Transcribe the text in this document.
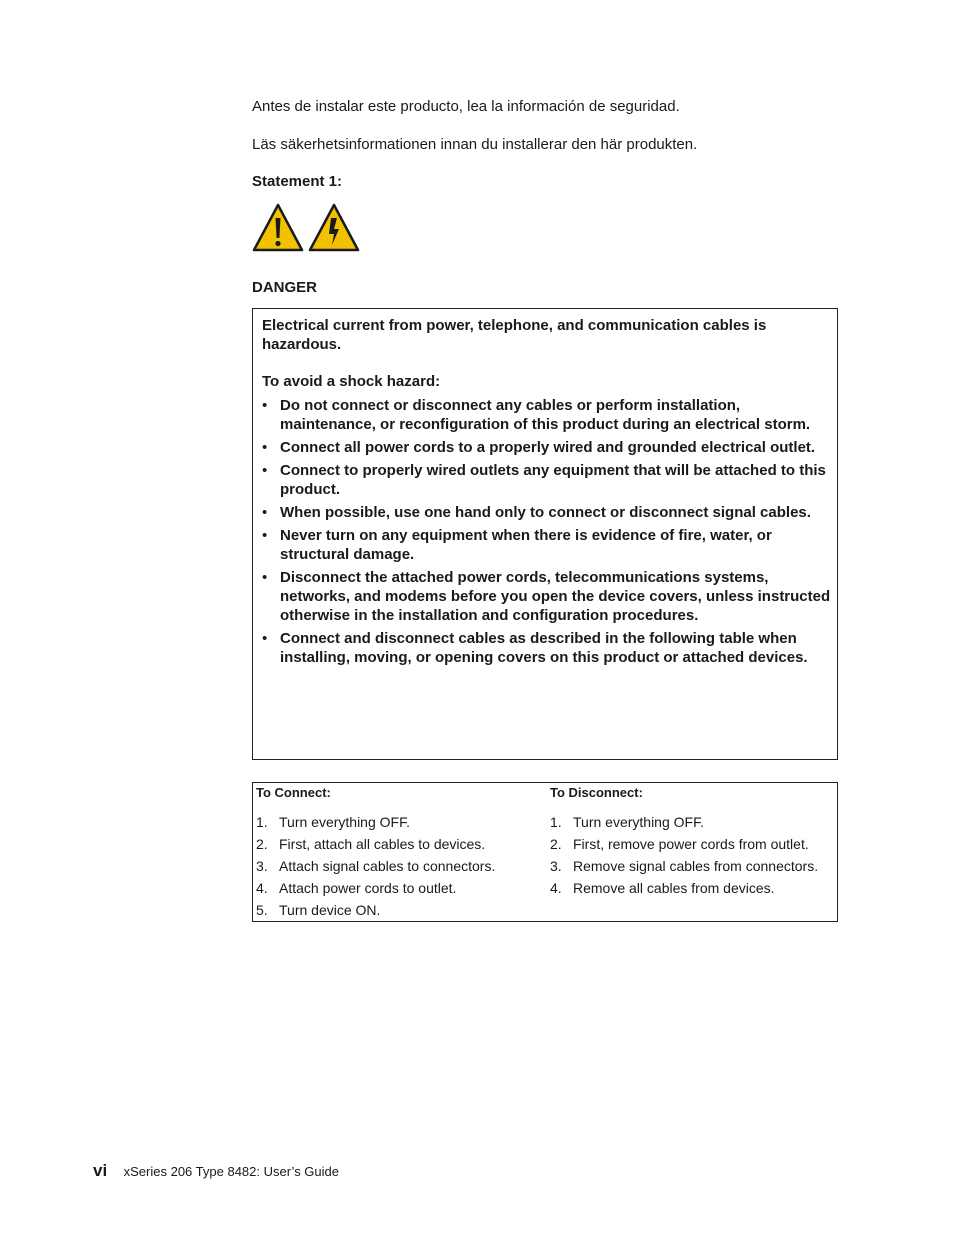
Antes de instalar este producto, lea la información de seguridad.

Läs säkerhetsinformationen innan du installerar den här produkten.

Statement 1:

DANGER

Electrical current from power, telephone, and communication cables is hazardous.

To avoid a shock hazard:

• Do not connect or disconnect any cables or perform installation, maintenance, or reconfiguration of this product during an electrical storm.
• Connect all power cords to a properly wired and grounded electrical outlet.
• Connect to properly wired outlets any equipment that will be attached to this product.
• When possible, use one hand only to connect or disconnect signal cables.
• Never turn on any equipment when there is evidence of fire, water, or structural damage.
• Disconnect the attached power cords, telecommunications systems, networks, and modems before you open the device covers, unless instructed otherwise in the installation and configuration procedures.
• Connect and disconnect cables as described in the following table when installing, moving, or opening covers on this product or attached devices.
To Connect:
1. Turn everything OFF.
2. First, attach all cables to devices.
3. Attach signal cables to connectors.
4. Attach power cords to outlet.
5. Turn device ON.
To Disconnect:
1. Turn everything OFF.
2. First, remove power cords from outlet.
3. Remove signal cables from connectors.
4. Remove all cables from devices.
vi xSeries 206 Type 8482: User’s Guide
